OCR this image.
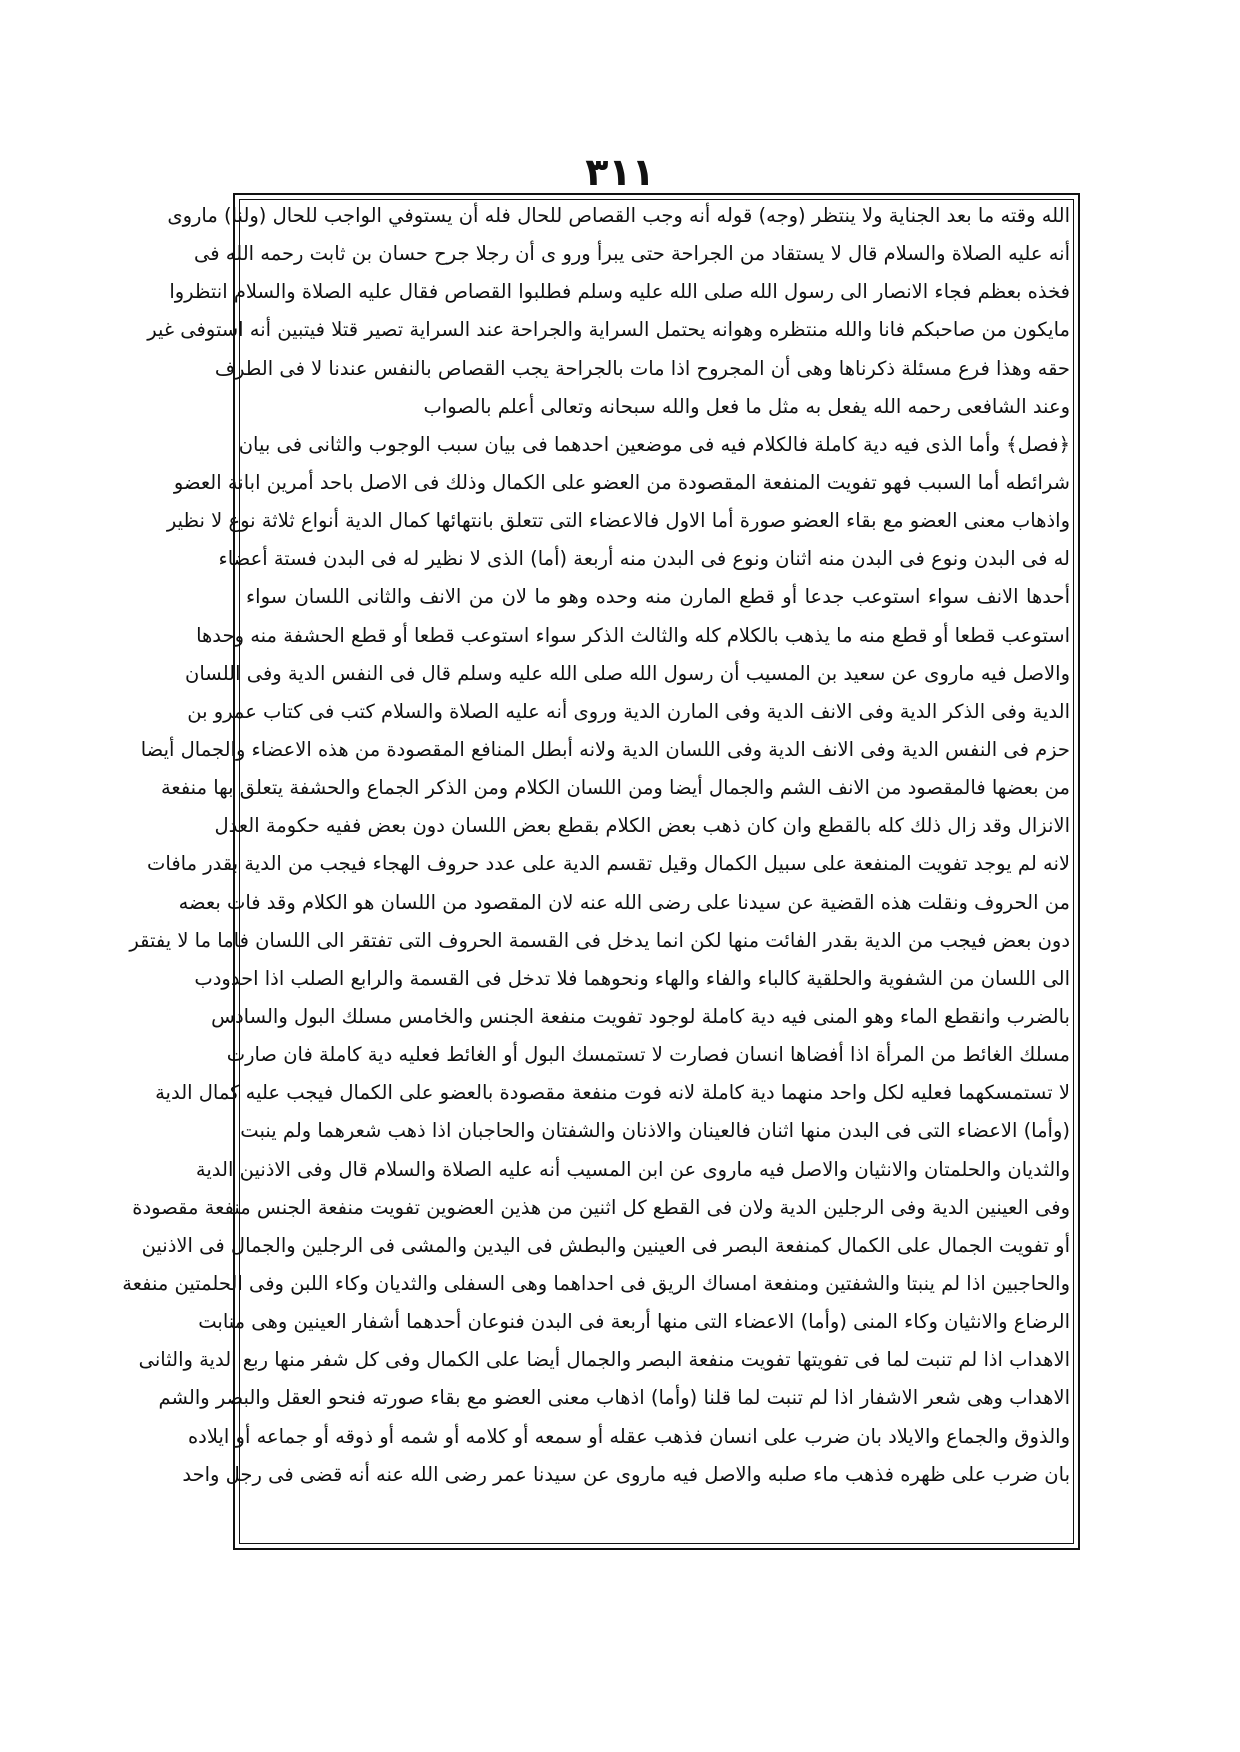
٣١١
الله وقته ما بعد الجناية ولا ينتظر (وجه) قوله أنه وجب القصاص للحال فله أن يستوفي الواجب للحال (ولنا) ماروى
أنه عليه الصلاة والسلام قال لا يستقاد من الجراحة حتى يبرأ ورو ى أن رجلا جرح حسان بن ثابت رحمه الله فى
فخذه بعظم فجاء الانصار الى رسول الله صلى الله عليه وسلم فطلبوا القصاص فقال عليه الصلاة والسلام انتظروا
مايكون من صاحبكم فانا والله منتظره وهوانه يحتمل السراية والجراحة عند السراية تصير قتلا فيتبين أنه استوفى غير
حقه وهذا فرع مسئلة ذكرناها وهى أن المجروح اذا مات بالجراحة يجب القصاص بالنفس عندنا لا فى الطرف
وعند الشافعى رحمه الله يفعل به مثل ما فعل والله سبحانه وتعالى أعلم بالصواب
﴿فصل﴾ وأما الذى فيه دية كاملة فالكلام فيه فى موضعين احدهما فى بيان سبب الوجوب والثانى فى بيان
شرائطه أما السبب فهو تفويت المنفعة المقصودة من العضو على الكمال وذلك فى الاصل باحد أمرين ابانة العضو
واذهاب معنى العضو مع بقاء العضو صورة أما الاول فالاعضاء التى تتعلق بانتهائها كمال الدية أنواع ثلاثة نوع لا نظير
له فى البدن ونوع فى البدن منه اثنان ونوع فى البدن منه أربعة (أما) الذى لا نظير له فى البدن فستة أعضاء
أحدها الانف سواء استوعب جدعا أو قطع المارن منه وحده وهو ما لان من الانف والثانى اللسان سواء
استوعب قطعا أو قطع منه ما يذهب بالكلام كله والثالث الذكر سواء استوعب قطعا أو قطع الحشفة منه وحدها
والاصل فيه ماروى عن سعيد بن المسيب أن رسول الله صلى الله عليه وسلم قال فى النفس الدية وفى اللسان
الدية وفى الذكر الدية وفى الانف الدية وفى المارن الدية وروى أنه عليه الصلاة والسلام كتب فى كتاب عمرو بن
حزم فى النفس الدية وفى الانف الدية وفى اللسان الدية ولانه أبطل المنافع المقصودة من هذه الاعضاء والجمال أيضا
من بعضها فالمقصود من الانف الشم والجمال أيضا ومن اللسان الكلام ومن الذكر الجماع والحشفة يتعلق بها منفعة
الانزال وقد زال ذلك كله بالقطع وان كان ذهب بعض الكلام بقطع بعض اللسان دون بعض ففيه حكومة العدل
لانه لم يوجد تفويت المنفعة على سبيل الكمال وقيل تقسم الدية على عدد حروف الهجاء فيجب من الدية بقدر مافات
من الحروف ونقلت هذه القضية عن سيدنا على رضى الله عنه لان المقصود من اللسان هو الكلام وقد فات بعضه
دون بعض فيجب من الدية بقدر الفائت منها لكن انما يدخل فى القسمة الحروف التى تفتقر الى اللسان فاما ما لا يفتقر
الى اللسان من الشفوية والحلقية كالباء والفاء والهاء ونحوهما فلا تدخل فى القسمة والرابع الصلب اذا احدودب
بالضرب وانقطع الماء وهو المنى فيه دية كاملة لوجود تفويت منفعة الجنس والخامس مسلك البول والسادس
مسلك الغائط من المرأة اذا أفضاها انسان فصارت لا تستمسك البول أو الغائط فعليه دية كاملة فان صارت
لا تستمسكهما فعليه لكل واحد منهما دية كاملة لانه فوت منفعة مقصودة بالعضو على الكمال فيجب عليه كمال الدية
(وأما) الاعضاء التى فى البدن منها اثنان فالعينان والاذنان والشفتان والحاجبان اذا ذهب شعرهما ولم ينبت
والثديان والحلمتان والانثيان والاصل فيه ماروى عن ابن المسيب أنه عليه الصلاة والسلام قال وفى الاذنين الدية
وفى العينين الدية وفى الرجلين الدية ولان فى القطع كل اثنين من هذين العضوين تفويت منفعة الجنس منفعة مقصودة
أو تفويت الجمال على الكمال كمنفعة البصر فى العينين والبطش فى اليدين والمشى فى الرجلين والجمال فى الاذنين
والحاجبين اذا لم ينبتا والشفتين ومنفعة امساك الريق فى احداهما وهى السفلى والثديان وكاء اللبن وفى الحلمتين منفعة
الرضاع والانثيان وكاء المنى (وأما) الاعضاء التى منها أربعة فى البدن فنوعان أحدهما أشفار العينين وهى منابت
الاهداب اذا لم تنبت لما فى تفويتها تفويت منفعة البصر والجمال أيضا على الكمال وفى كل شفر منها ربع الدية والثانى
الاهداب وهى شعر الاشفار اذا لم تنبت لما قلنا (وأما) اذهاب معنى العضو مع بقاء صورته فنحو العقل والبصر والشم
والذوق والجماع والايلاد بان ضرب على انسان فذهب عقله أو سمعه أو كلامه أو شمه أو ذوقه أو جماعه أو ايلاده
بان ضرب على ظهره فذهب ماء صلبه والاصل فيه ماروى عن سيدنا عمر رضى الله عنه أنه قضى فى رجل واحد
